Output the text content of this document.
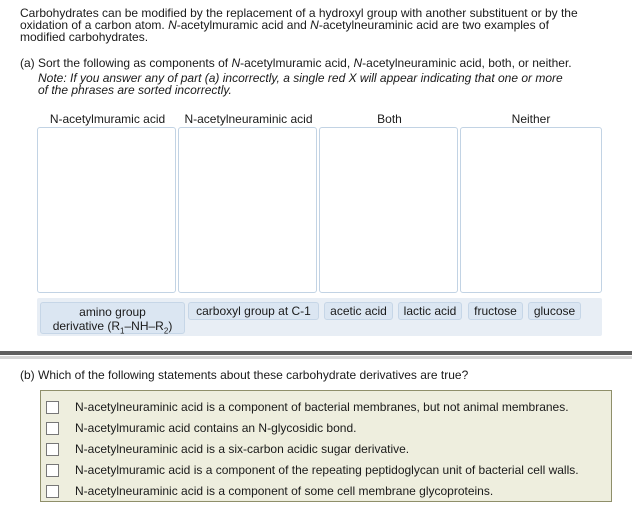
Carbohydrates can be modified by the replacement of a hydroxyl group with another substituent or by the
oxidation of a carbon atom. N-acetylmuramic acid and N-acetylneuraminic acid are two examples of
modified carbohydrates.
(a) Sort the following as components of N-acetylmuramic acid, N-acetylneuraminic acid, both, or neither.
Note: If you answer any of part (a) incorrectly, a single red X will appear indicating that one or more
of the phrases are sorted incorrectly.
N-acetylmuramic acid	N-acetylneuraminic acid	Both	Neither
amino group
derivative $(R_1-NH-R_2)$
carboxyl group at C-1	acetic acid	lactic acid	fructose	glucose
(b) Which of the following statements about these carbohydrate derivatives are true?
N-acetylneuraminic acid is a component of bacterial membranes, but not animal membranes.
N-acetylmuramic acid contains an N-glycosidic bond.
N-acetylneuraminic acid is a six-carbon acidic sugar derivative.
N-acetylmuramic acid is a component of the repeating peptidoglycan unit of bacterial cell walls.
N-acetylneuraminic acid is a component of some cell membrane glycoproteins.
